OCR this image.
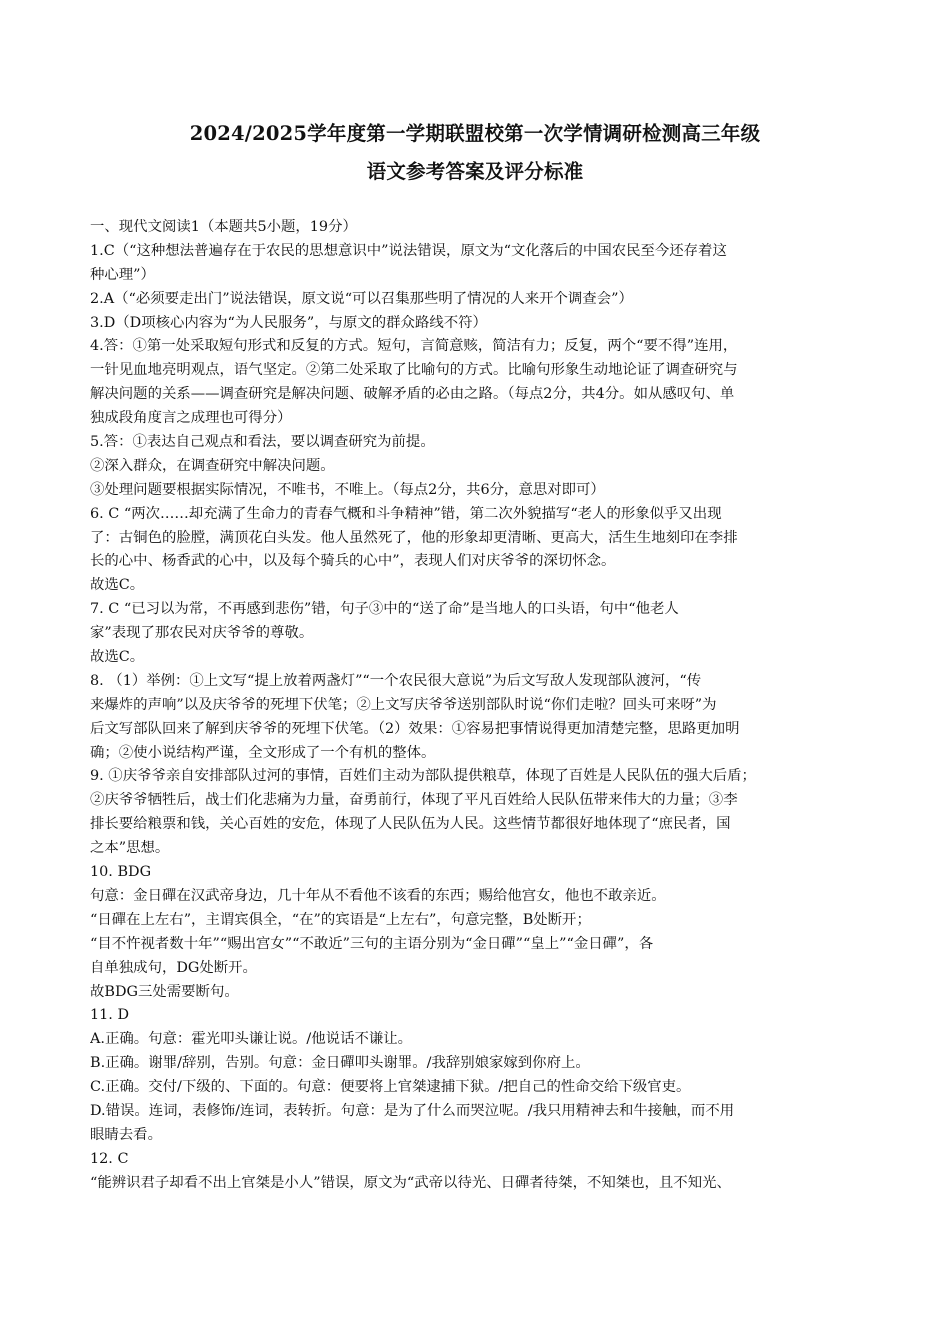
2024/2025学年度第一学期联盟校第一次学情调研检测高三年级
语文参考答案及评分标准
一、现代文阅读1（本题共5小题，19分）
1.C（“这种想法普遍存在于农民的思想意识中”说法错误，原文为“文化落后的中国农民至今还存着这
种心理”）
2.A（“必须要走出门”说法错误，原文说“可以召集那些明了情况的人来开个调查会”）
3.D（D项核心内容为“为人民服务”，与原文的群众路线不符）
4.答：①第一处采取短句形式和反复的方式。短句，言简意赅，简洁有力；反复，两个“要不得”连用，
一针见血地亮明观点，语气坚定。②第二处采取了比喻句的方式。比喻句形象生动地论证了调查研究与
解决问题的关系——调查研究是解决问题、破解矛盾的必由之路。（每点2分，共4分。如从感叹句、单
独成段角度言之成理也可得分）
5.答：①表达自己观点和看法，要以调查研究为前提。
②深入群众，在调查研究中解决问题。
③处理问题要根据实际情况，不唯书，不唯上。（每点2分，共6分，意思对即可）
6. C “两次……却充满了生命力的青春气概和斗争精神”错，第二次外貌描写“老人的形象似乎又出现
了：古铜色的脸膛，满顶花白头发。他人虽然死了，他的形象却更清晰、更高大，活生生地刻印在李排
长的心中、杨香武的心中，以及每个骑兵的心中”，表现人们对庆爷爷的深切怀念。
故选C。
7. C “已习以为常，不再感到悲伤”错，句子③中的“送了命”是当地人的口头语，句中“他老人
家”表现了那农民对庆爷爷的尊敬。
故选C。
8. （1）举例：①上文写“提上放着两盏灯”“一个农民很大意说”为后文写敌人发现部队渡河，“传
来爆炸的声响”以及庆爷爷的死埋下伏笔；②上文写庆爷爷送别部队时说“你们走啦？回头可来呀”为
后文写部队回来了解到庆爷爷的死埋下伏笔。（2）效果：①容易把事情说得更加清楚完整，思路更加明
确；②使小说结构严谨，全文形成了一个有机的整体。
9. ①庆爷爷亲自安排部队过河的事情，百姓们主动为部队提供粮草，体现了百姓是人民队伍的强大后盾；
②庆爷爷牺牲后，战士们化悲痛为力量，奋勇前行，体现了平凡百姓给人民队伍带来伟大的力量；③李
排长要给粮票和钱，关心百姓的安危，体现了人民队伍为人民。这些情节都很好地体现了“庶民者，国
之本”思想。
10. BDG
句意：金日磾在汉武帝身边，几十年从不看他不该看的东西；赐给他宫女，他也不敢亲近。
“日磾在上左右”，主谓宾俱全，“在”的宾语是“上左右”，句意完整，B处断开；
“目不忤视者数十年”“赐出宫女”“不敢近”三句的主语分别为“金日磾”“皇上”“金日磾”，各
自单独成句，DG处断开。
故BDG三处需要断句。
11. D
A.正确。句意：霍光叩头谦让说。/他说话不谦让。
B.正确。谢罪/辞别，告别。句意：金日磾叩头谢罪。/我辞别娘家嫁到你府上。
C.正确。交付/下级的、下面的。句意：便要将上官桀逮捕下狱。/把自己的性命交给下级官吏。
D.错误。连词，表修饰/连词，表转折。句意：是为了什么而哭泣呢。/我只用精神去和牛接触，而不用
眼睛去看。
12. C
“能辨识君子却看不出上官桀是小人”错误，原文为“武帝以待光、日磾者待桀，不知桀也，且不知光、
